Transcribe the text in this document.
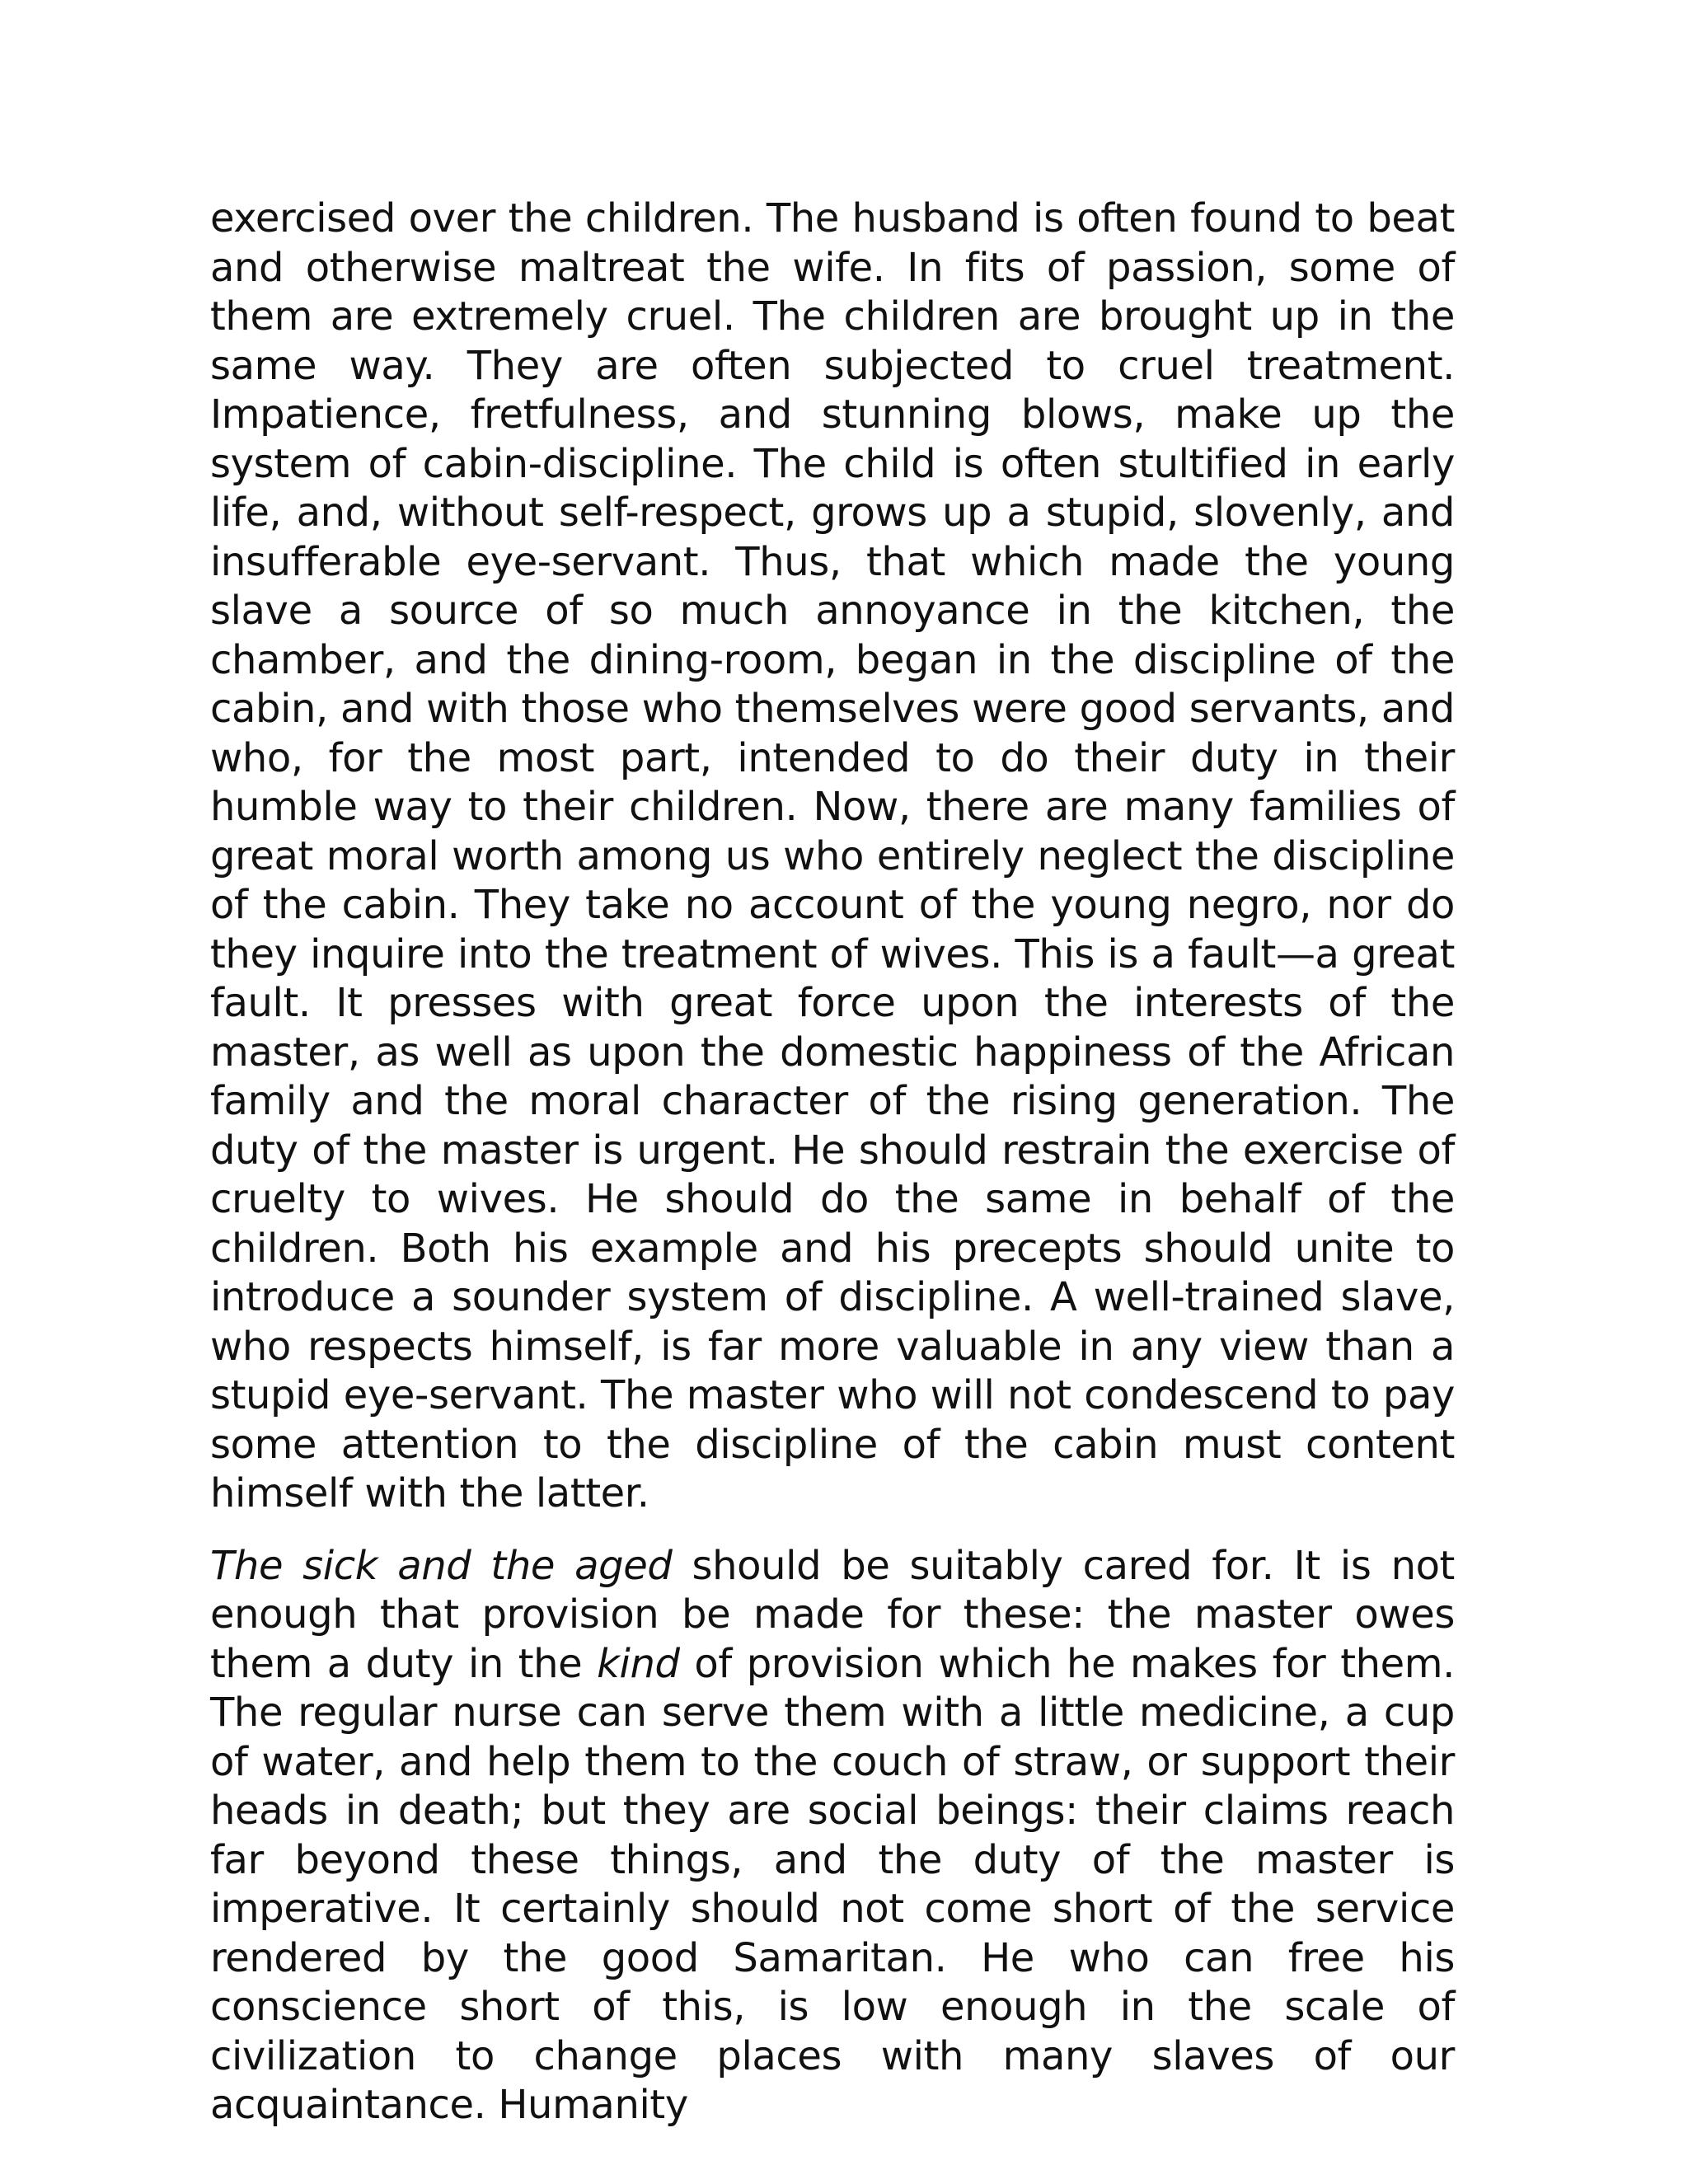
exercised over the children. The husband is often found to beat and otherwise maltreat the wife. In fits of passion, some of them are extremely cruel. The children are brought up in the same way. They are often subjected to cruel treatment. Impatience, fretfulness, and stunning blows, make up the system of cabin-discipline. The child is often stultified in early life, and, without self-respect, grows up a stupid, slovenly, and insufferable eye-servant. Thus, that which made the young slave a source of so much annoyance in the kitchen, the chamber, and the dining-room, began in the discipline of the cabin, and with those who themselves were good servants, and who, for the most part, intended to do their duty in their humble way to their children. Now, there are many families of great moral worth among us who entirely neglect the discipline of the cabin. They take no account of the young negro, nor do they inquire into the treatment of wives. This is a fault—a great fault. It presses with great force upon the interests of the master, as well as upon the domestic happiness of the African family and the moral character of the rising generation. The duty of the master is urgent. He should restrain the exercise of cruelty to wives. He should do the same in behalf of the children. Both his example and his precepts should unite to introduce a sounder system of discipline. A well-trained slave, who respects himself, is far more valuable in any view than a stupid eye-servant. The master who will not condescend to pay some attention to the discipline of the cabin must content himself with the latter.

The sick and the aged should be suitably cared for. It is not enough that provision be made for these: the master owes them a duty in the kind of provision which he makes for them. The regular nurse can serve them with a little medicine, a cup of water, and help them to the couch of straw, or support their heads in death; but they are social beings: their claims reach far beyond these things, and the duty of the master is imperative. It certainly should not come short of the service rendered by the good Samaritan. He who can free his conscience short of this, is low enough in the scale of civilization to change places with many slaves of our acquaintance. Humanity
